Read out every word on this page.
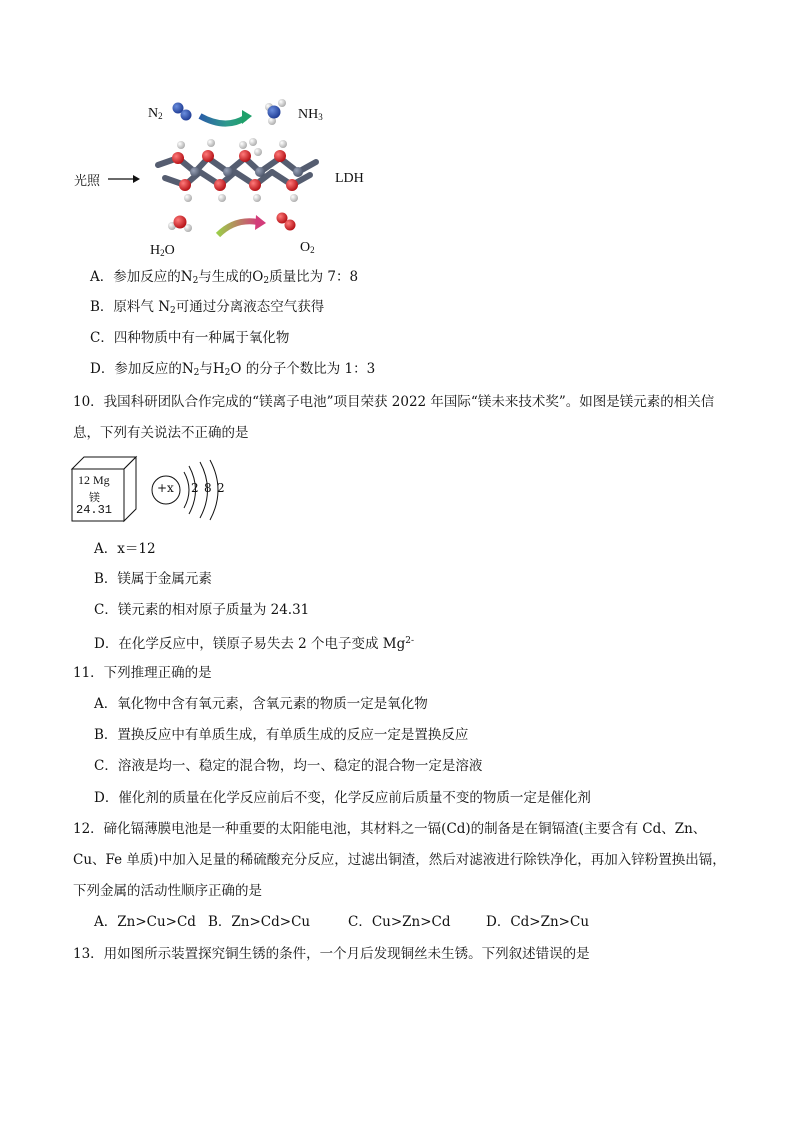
$N_2$	$NH_3$
光照	LDH
$H_2O$	$O_2$
A．参加反应的$N_2$与生成的$O_2$质量比为 7：8
B．原料气 $N_2$可通过分离液态空气获得
C．四种物质中有一种属于氧化物
D．参加反应的$N_2$与$H_2O$ 的分子个数比为 1：3
10．我国科研团队合作完成的“镁离子电池”项目荣获 2022 年国际“镁未来技术奖”。如图是镁元素的相关信
息，下列有关说法不正确的是
12 Mg
镁
24.31
+x 2 8 2
A．x＝12
B．镁属于金属元素
C．镁元素的相对原子质量为 24.31
D．在化学反应中，镁原子易失去 2 个电子变成 $Mg^{2-}$
11．下列推理正确的是
A．氧化物中含有氧元素，含氧元素的物质一定是氧化物
B．置换反应中有单质生成，有单质生成的反应一定是置换反应
C．溶液是均一、稳定的混合物，均一、稳定的混合物一定是溶液
D．催化剂的质量在化学反应前后不变，化学反应前后质量不变的物质一定是催化剂
12．碲化镉薄膜电池是一种重要的太阳能电池，其材料之一镉(Cd)的制备是在铜镉渣(主要含有 Cd、Zn、
Cu、Fe 单质)中加入足量的稀硫酸充分反应，过滤出铜渣，然后对滤液进行除铁净化，再加入锌粉置换出镉，
下列金属的活动性顺序正确的是
A．Zn>Cu>Cd B．Zn>Cd>Cu	C．Cu>Zn>Cd	D．Cd>Zn>Cu
13．用如图所示装置探究铜生锈的条件，一个月后发现铜丝未生锈。下列叙述错误的是
